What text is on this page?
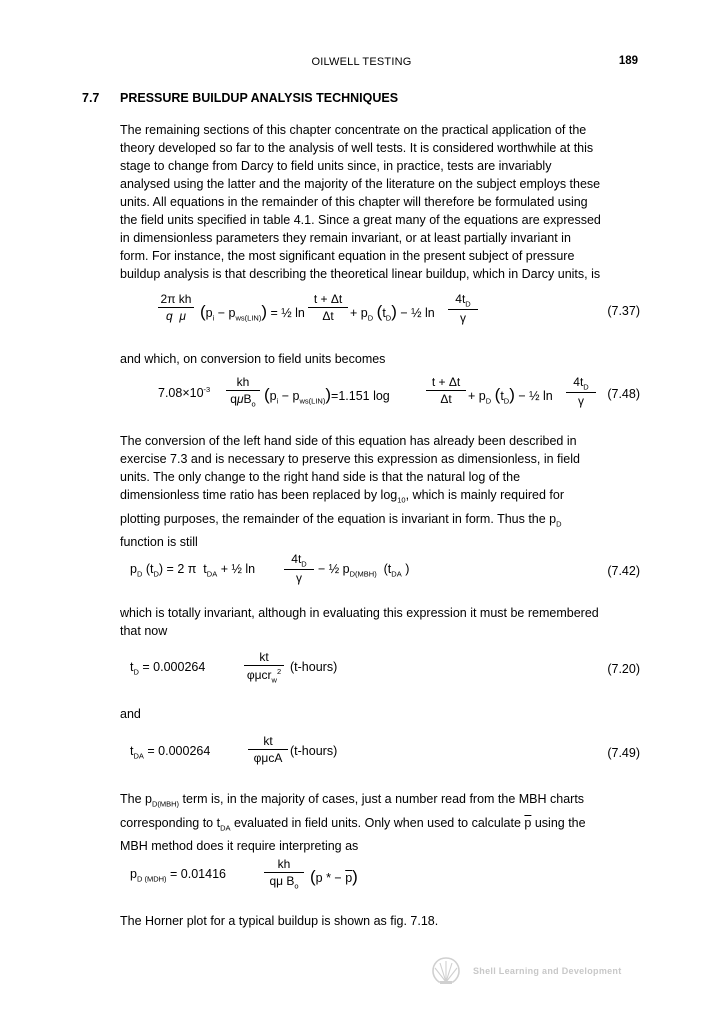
OILWELL TESTING	189
7.7 PRESSURE BUILDUP ANALYSIS TECHNIQUES
The remaining sections of this chapter concentrate on the practical application of the
theory developed so far to the analysis of well tests. It is considered worthwhile at this
stage to change from Darcy to field units since, in practice, tests are invariably
analysed using the latter and the majority of the literature on the subject employs these
units. All equations in the remainder of this chapter will therefore be formulated using
the field units specified in table 4.1. Since a great many of the equations are expressed
in dimensionless parameters they remain invariant, or at least partially invariant in
form. For instance, the most significant equation in the present subject of pressure
buildup analysis is that describing the theoretical linear buildup, which in Darcy units, is
2π kh
q  μ $(p_i - p_{ws(LIN)})$ = ½ ln
t + Δt
Δt	+ $p_D$ $(t_D)$ − ½ ln
$4t_D$
γ
(7.37)
and which, on conversion to field units becomes
$7.08\times 10^{-3}$
kh
qμB$_o$ $(p_i - p_{ws(LIN)})=1.151$ log
t + Δt
Δt	+ $p_D$ $(t_D)$ − ½ ln
$4t_D$
γ
(7.48)
The conversion of the left hand side of this equation has already been described in
exercise 7.3 and is necessary to preserve this expression as dimensionless, in field
units. The only change to the right hand side is that the natural log of the
dimensionless time ratio has been replaced by $\log_{10}$, which is mainly required for
plotting purposes, the remainder of the equation is invariant in form. Thus the $p_D$
function is still
$p_D$ $(t_D) = 2$ π  $t_{DA}$ + ½ ln
$4t_D$
γ
− ½ $p_{D(MBH)}$  ($t_{DA}$ )	(7.42)
which is totally invariant, although in evaluating this expression it must be remembered
that now
$t_D = 0.000264$
kt
φμcr$_w^2$ (t-hours)	(7.20)
and
$t_{DA} = 0.000264$
kt
φμcA (t-hours)	(7.49)
The $p_{D(MBH)}$ term is, in the majority of cases, just a number read from the MBH charts
corresponding to $t_{DA}$ evaluated in field units. Only when used to calculate $\overline{p}$ using the
MBH method does it require interpreting as
$p_{D (MDH)} = 0.01416$
kh
qμ $B_o$ (p * − $\overline{p}$)
The Horner plot for a typical buildup is shown as fig. 7.18.
Shell Learning and Development
